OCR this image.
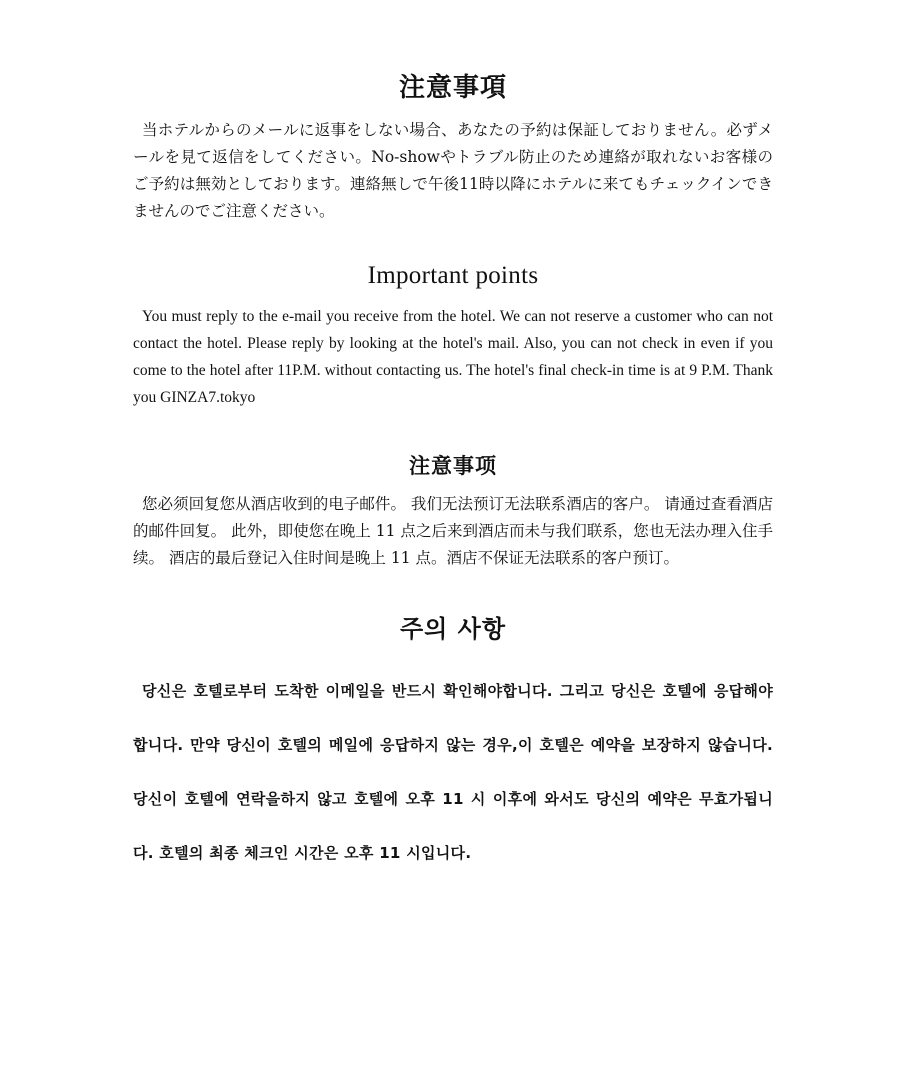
注意事項

当ホテルからのメールに返事をしない場合、あなたの予約は保証しておりません。必ずメールを見て返信をしてください。No-showやトラブル防止のため連絡が取れないお客様のご予約は無効としております。連絡無しで午後11時以降にホテルに来てもチェックインできませんのでご注意ください。

Important points

You must reply to the e-mail you receive from the hotel. We can not reserve a customer who can not contact the hotel. Please reply by looking at the hotel's mail. Also, you can not check in even if you come to the hotel after 11P.M. without contacting us. The hotel's final check-in time is at 9 P.M. Thank you GINZA7.tokyo

注意事项

您必须回复您从酒店收到的电子邮件。 我们无法预订无法联系酒店的客户。 请通过查看酒店的邮件回复。 此外，即使您在晚上 11 点之后来到酒店而未与我们联系，您也无法办理入住手续。 酒店的最后登记入住时间是晚上 11 点。酒店不保证无法联系的客户预订。

주의 사항

당신은 호텔로부터 도착한 이메일을 반드시 확인해야합니다. 그리고 당신은 호텔에 응답해야합니다. 만약 당신이 호텔의 메일에 응답하지 않는 경우,이 호텔은 예약을 보장하지 않습니다. 당신이 호텔에 연락을하지 않고 호텔에 오후 11 시 이후에 와서도 당신의 예약은 무효가됩니다. 호텔의 최종 체크인 시간은 오후 11 시입니다.
